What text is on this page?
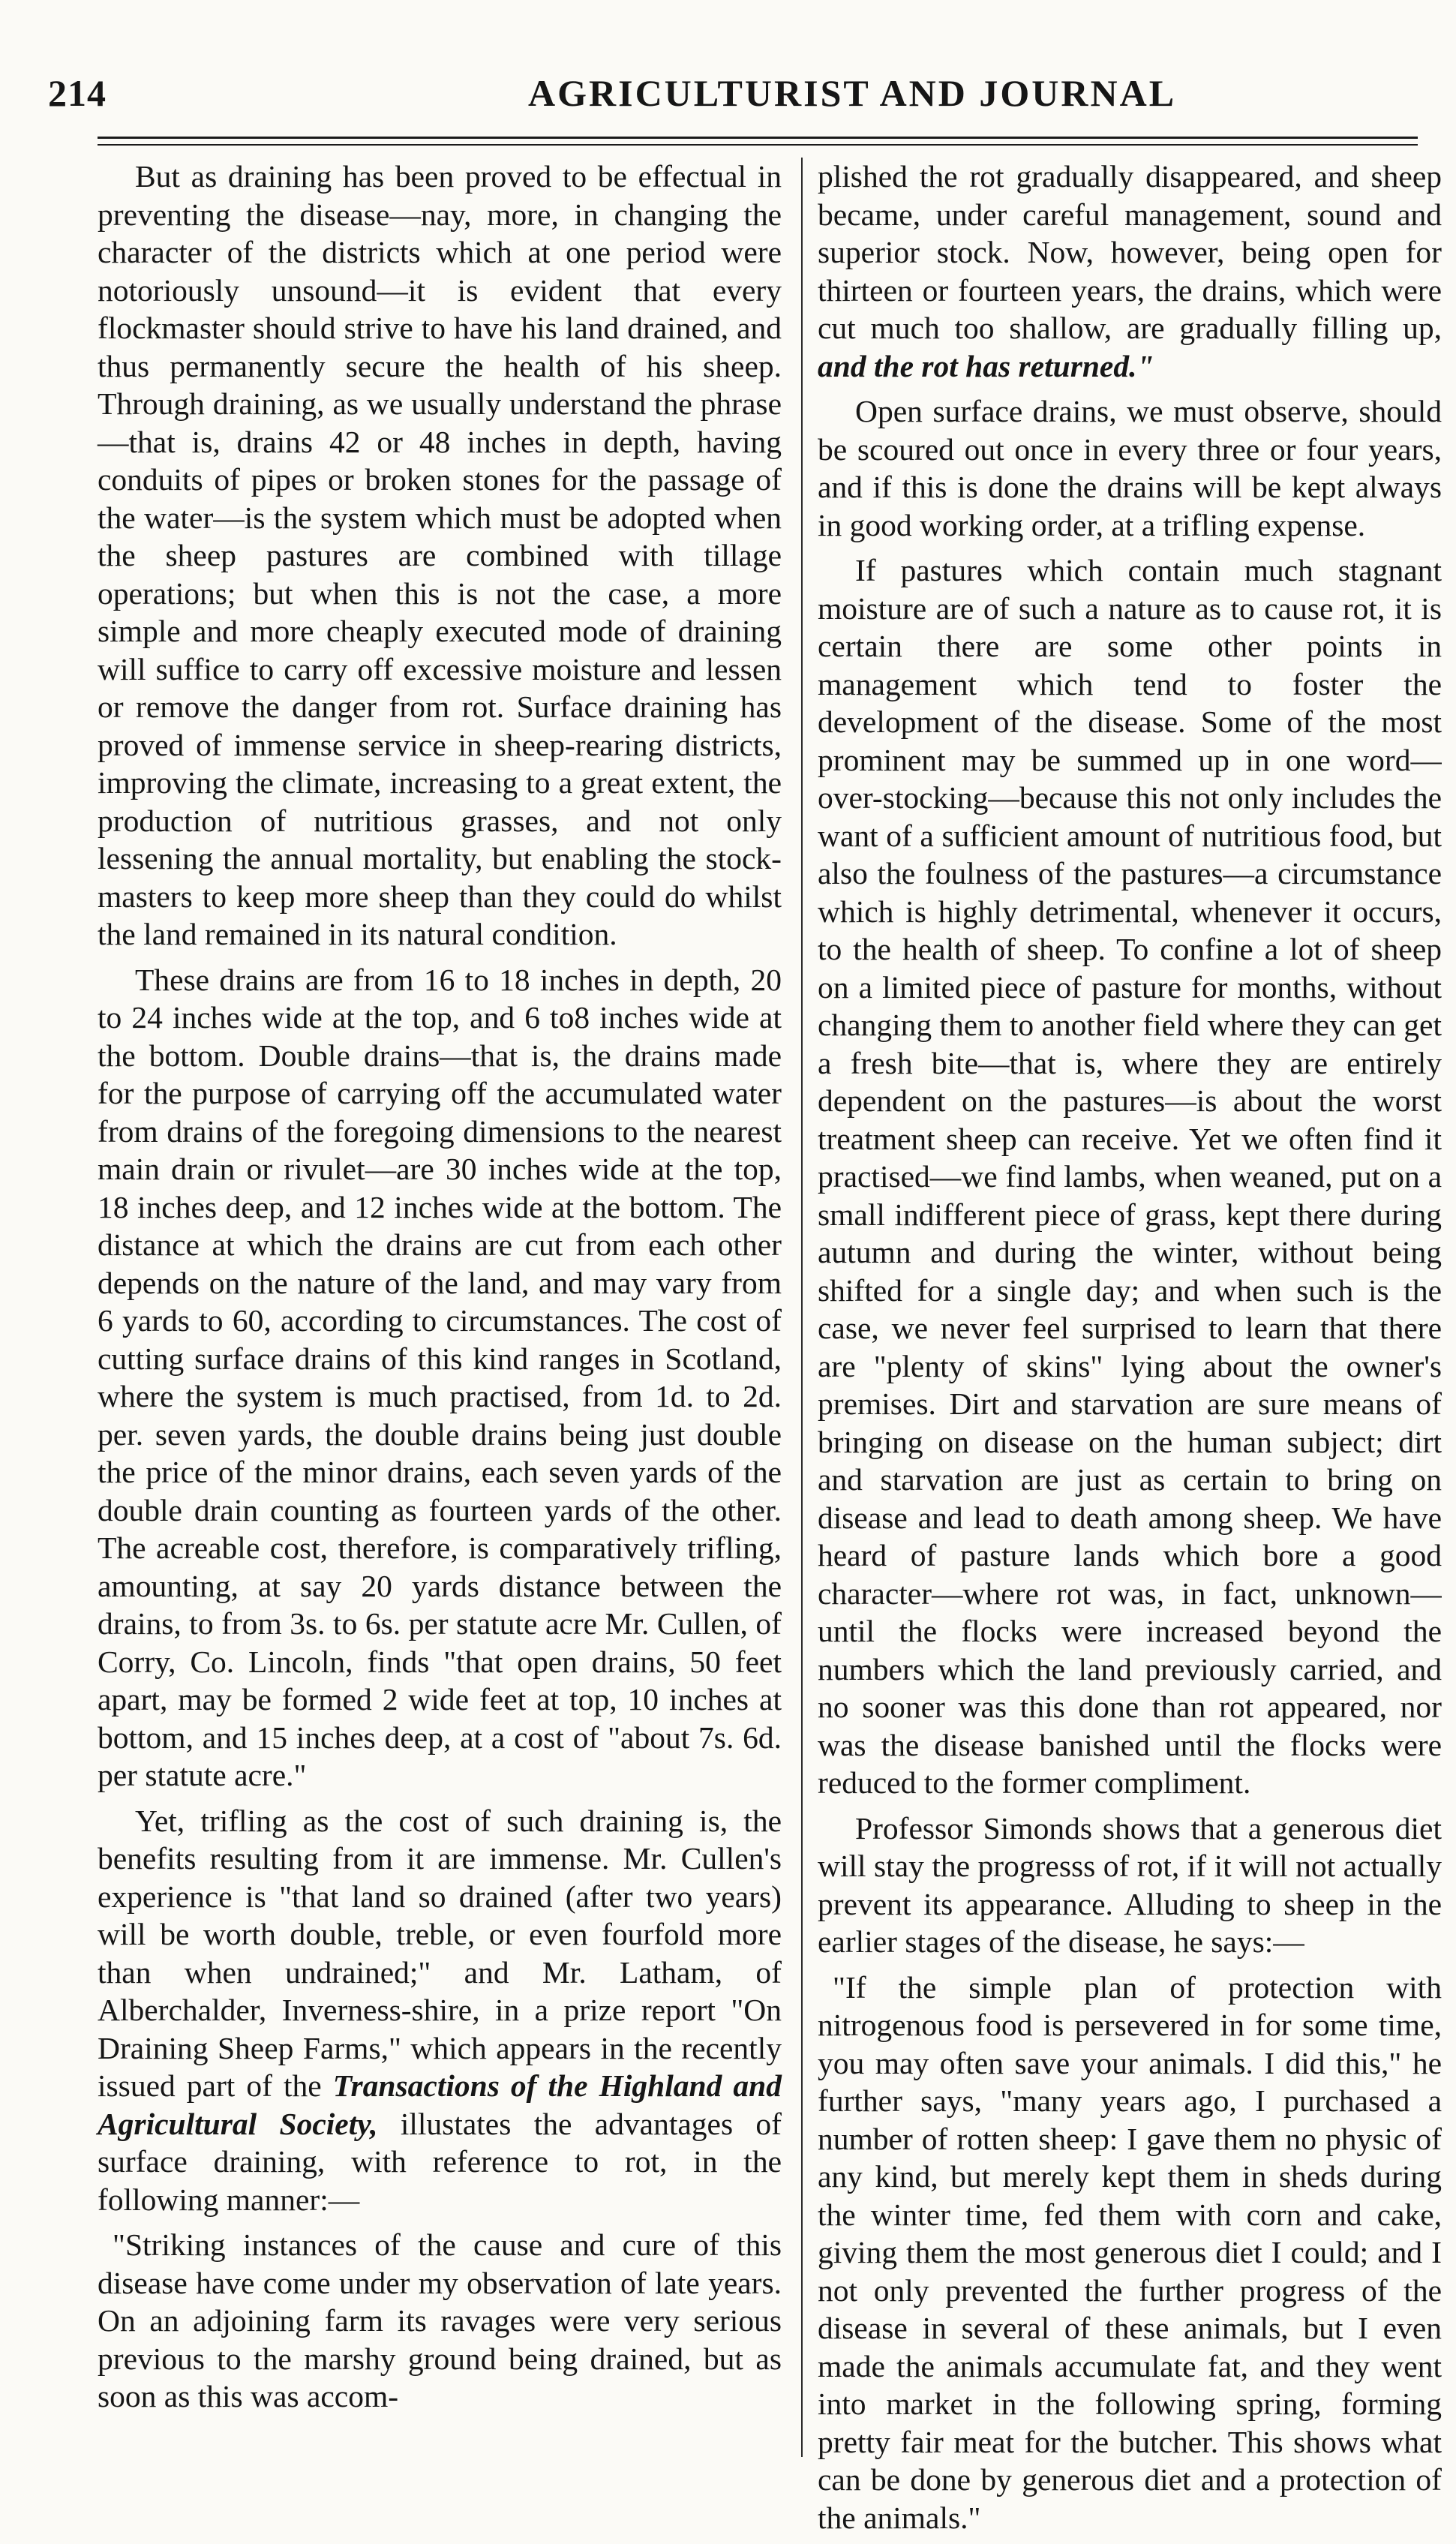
214	AGRICULTURIST AND JOURNAL

But as draining has been proved to be effectual in preventing the disease—nay, more, in changing the character of the districts which at one period were notoriously unsound—it is evident that every flockmaster should strive to have his land drained, and thus permanently secure the health of his sheep. Through draining, as we usually understand the phrase—that is, drains 42 or 48 inches in depth, having conduits of pipes or broken stones for the passage of the water—is the system which must be adopted when the sheep pastures are combined with tillage operations; but when this is not the case, a more simple and more cheaply executed mode of draining will suffice to carry off excessive moisture and lessen or remove the danger from rot. Surface draining has proved of immense service in sheep-rearing districts, improving the climate, increasing to a great extent, the production of nutritious grasses, and not only lessening the annual mortality, but enabling the stock-masters to keep more sheep than they could do whilst the land remained in its natural condition.

These drains are from 16 to 18 inches in depth, 20 to 24 inches wide at the top, and 6 to8 inches wide at the bottom. Double drains—that is, the drains made for the purpose of carrying off the accumulated water from drains of the foregoing dimensions to the nearest main drain or rivulet—are 30 inches wide at the top, 18 inches deep, and 12 inches wide at the bottom. The distance at which the drains are cut from each other depends on the nature of the land, and may vary from 6 yards to 60, according to circumstances. The cost of cutting surface drains of this kind ranges in Scotland, where the system is much practised, from 1d. to 2d. per. seven yards, the double drains being just double the price of the minor drains, each seven yards of the double drain counting as fourteen yards of the other. The acreable cost, therefore, is comparatively trifling, amounting, at say 20 yards distance between the drains, to from 3s. to 6s. per statute acre Mr. Cullen, of Corry, Co. Lincoln, finds "that open drains, 50 feet apart, may be formed 2 wide feet at top, 10 inches at bottom, and 15 inches deep, at a cost of "about 7s. 6d. per statute acre."

Yet, trifling as the cost of such draining is, the benefits resulting from it are immense. Mr. Cullen's experience is "that land so drained (after two years) will be worth double, treble, or even fourfold more than when undrained;" and Mr. Latham, of Alberchalder, Inverness-shire, in a prize report "On Draining Sheep Farms," which appears in the recently issued part of the Transactions of the Highland and Agricultural Society, illustates the advantages of surface draining, with reference to rot, in the following manner:—

"Striking instances of the cause and cure of this disease have come under my observation of late years. On an adjoining farm its ravages were very serious previous to the marshy ground being drained, but as soon as this was accom-

plished the rot gradually disappeared, and sheep became, under careful management, sound and superior stock. Now, however, being open for thirteen or fourteen years, the drains, which were cut much too shallow, are gradually filling up, and the rot has returned."

Open surface drains, we must observe, should be scoured out once in every three or four years, and if this is done the drains will be kept always in good working order, at a trifling expense.

If pastures which contain much stagnant moisture are of such a nature as to cause rot, it is certain there are some other points in management which tend to foster the development of the disease. Some of the most prominent may be summed up in one word—over-stocking—because this not only includes the want of a sufficient amount of nutritious food, but also the foulness of the pastures—a circumstance which is highly detrimental, whenever it occurs, to the health of sheep. To confine a lot of sheep on a limited piece of pasture for months, without changing them to another field where they can get a fresh bite—that is, where they are entirely dependent on the pastures—is about the worst treatment sheep can receive. Yet we often find it practised—we find lambs, when weaned, put on a small indifferent piece of grass, kept there during autumn and during the winter, without being shifted for a single day; and when such is the case, we never feel surprised to learn that there are "plenty of skins" lying about the owner's premises. Dirt and starvation are sure means of bringing on disease on the human subject; dirt and starvation are just as certain to bring on disease and lead to death among sheep. We have heard of pasture lands which bore a good character—where rot was, in fact, unknown—until the flocks were increased beyond the numbers which the land previously carried, and no sooner was this done than rot appeared, nor was the disease banished until the flocks were reduced to the former compliment.

Professor Simonds shows that a generous diet will stay the progresss of rot, if it will not actually prevent its appearance. Alluding to sheep in the earlier stages of the disease, he says:—

"If the simple plan of protection with nitrogenous food is persevered in for some time, you may often save your animals. I did this," he further says, "many years ago, I purchased a number of rotten sheep: I gave them no physic of any kind, but merely kept them in sheds during the winter time, fed them with corn and cake, giving them the most generous diet I could; and I not only prevented the further progress of the disease in several of these animals, but I even made the animals accumulate fat, and they went into market in the following spring, forming pretty fair meat for the butcher. This shows what can be done by generous diet and a protection of the animals."
